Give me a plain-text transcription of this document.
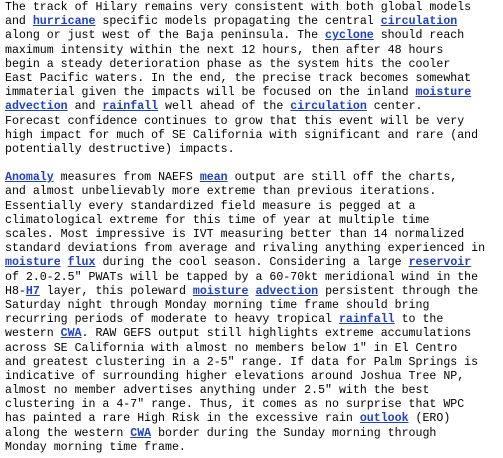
The track of Hilary remains very consistent with both global models
and hurricane specific models propagating the central circulation
along or just west of the Baja peninsula. The cyclone should reach
maximum intensity within the next 12 hours, then after 48 hours
begin a steady deterioration phase as the system hits the cooler
East Pacific waters. In the end, the precise track becomes somewhat
immaterial given the impacts will be focused on the inland moisture
advection and rainfall well ahead of the circulation center.
Forecast confidence continues to grow that this event will be very
high impact for much of SE California with significant and rare (and
potentially destructive) impacts.
Anomaly measures from NAEFS mean output are still off the charts,
and almost unbelievably more extreme than previous iterations.
Essentially every standardized field measure is pegged at a
climatological extreme for this time of year at multiple time
scales. Most impressive is IVT measuring better than 14 normalized
standard deviations from average and rivaling anything experienced in
moisture flux during the cool season. Considering a large reservoir
of 2.0-2.5" PWATs will be tapped by a 60-70kt meridional wind in the
H8-H7 layer, this poleward moisture advection persistent through the
Saturday night through Monday morning time frame should bring
recurring periods of moderate to heavy tropical rainfall to the
western CWA. RAW GEFS output still highlights extreme accumulations
across SE California with almost no members below 1" in El Centro
and greatest clustering in a 2-5" range. If data for Palm Springs is
indicative of surrounding higher elevations around Joshua Tree NP,
almost no member advertises anything under 2.5" with the best
clustering in a 4-7" range. Thus, it comes as no surprise that WPC
has painted a rare High Risk in the excessive rain outlook (ERO)
along the western CWA border during the Sunday morning through
Monday morning time frame.
